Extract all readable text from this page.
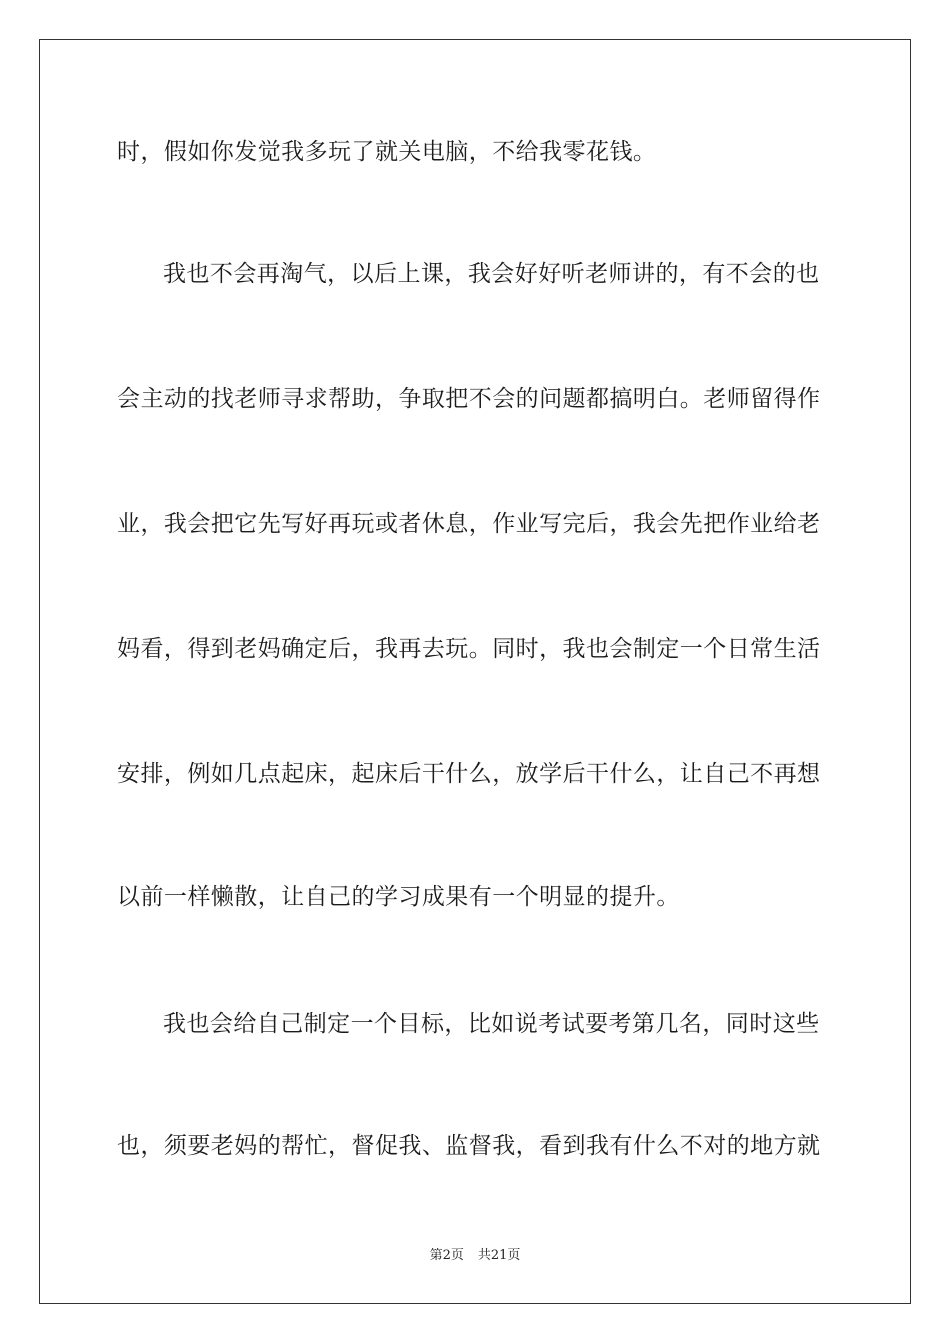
时，假如你发觉我多玩了就关电脑，不给我零花钱。
我也不会再淘气，以后上课，我会好好听老师讲的，有不会的也
会主动的找老师寻求帮助，争取把不会的问题都搞明白。老师留得作
业，我会把它先写好再玩或者休息，作业写完后，我会先把作业给老
妈看，得到老妈确定后，我再去玩。同时，我也会制定一个日常生活
安排，例如几点起床，起床后干什么，放学后干什么，让自己不再想
以前一样懒散，让自己的学习成果有一个明显的提升。
我也会给自己制定一个目标，比如说考试要考第几名，同时这些
也，须要老妈的帮忙，督促我、监督我，看到我有什么不对的地方就
第2页 共21页
